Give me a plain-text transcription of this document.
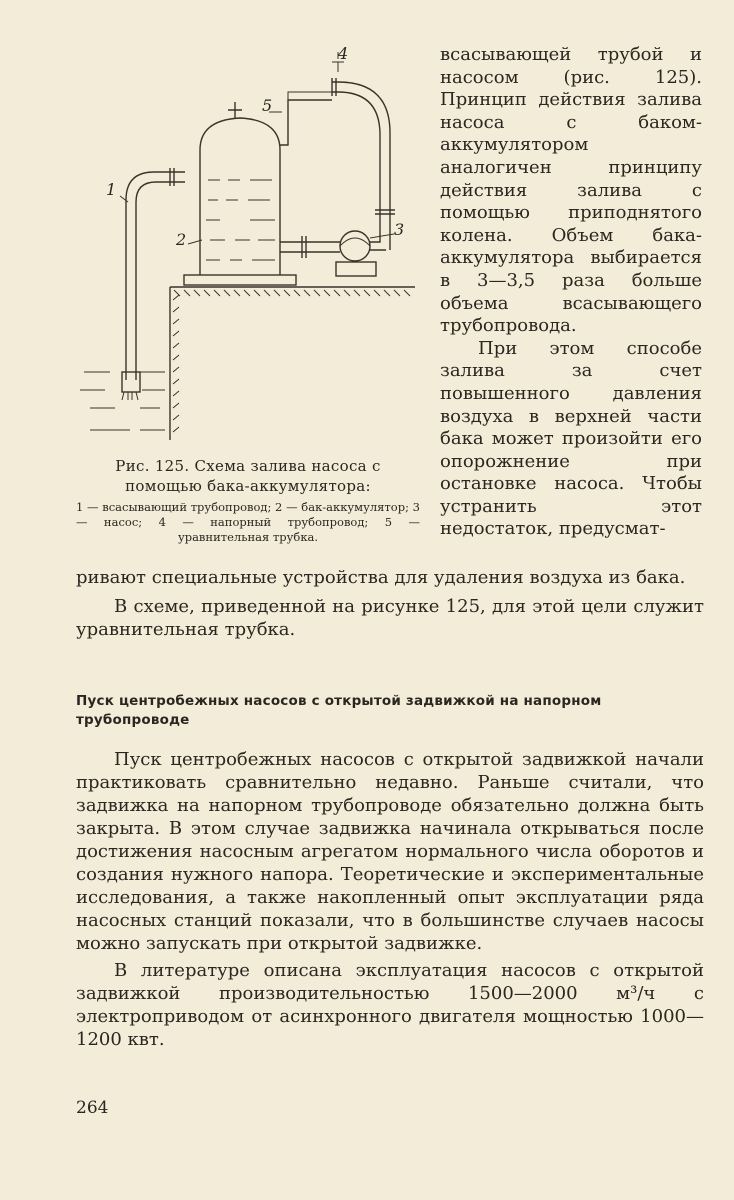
1
2
3
4
5
Рис. 125. Схема залива насоса с помощью бака-аккумулятора:
1 — всасывающий трубопровод; 2 — бак-аккумулятор; 3 — насос; 4 — напорный трубопровод; 5 — уравнительная трубка.

всасывающей трубой и насосом (рис. 125). Принцип действия залива насоса с баком-аккумулятором аналогичен принципу действия залива с помощью приподнятого колена. Объем бака-аккумулятора выбирается в 3—3,5 раза больше объема всасывающего трубопровода.

При этом способе залива за счет повышенного давления воздуха в верхней части бака может произойти его опорожнение при остановке насоса. Чтобы устранить этот недостаток, предусмат-

ривают специальные устройства для удаления воздуха из бака.

В схеме, приведенной на рисунке 125, для этой цели служит уравнительная трубка.

Пуск центробежных насосов с открытой задвижкой на напорном трубопроводе

Пуск центробежных насосов с открытой задвижкой начали практиковать сравнительно недавно. Раньше считали, что задвижка на напорном трубопроводе обязательно должна быть закрыта. В этом случае задвижка начинала открываться после достижения насосным агрегатом нормального числа оборотов и создания нужного напора. Теоретические и экспериментальные исследования, а также накопленный опыт эксплуатации ряда насосных станций показали, что в большинстве случаев насосы можно запускать при открытой задвижке.

В литературе описана эксплуатация насосов с открытой задвижкой производительностью 1500—2000 м³/ч с электроприводом от асинхронного двигателя мощностью 1000—1200 квт.

264
